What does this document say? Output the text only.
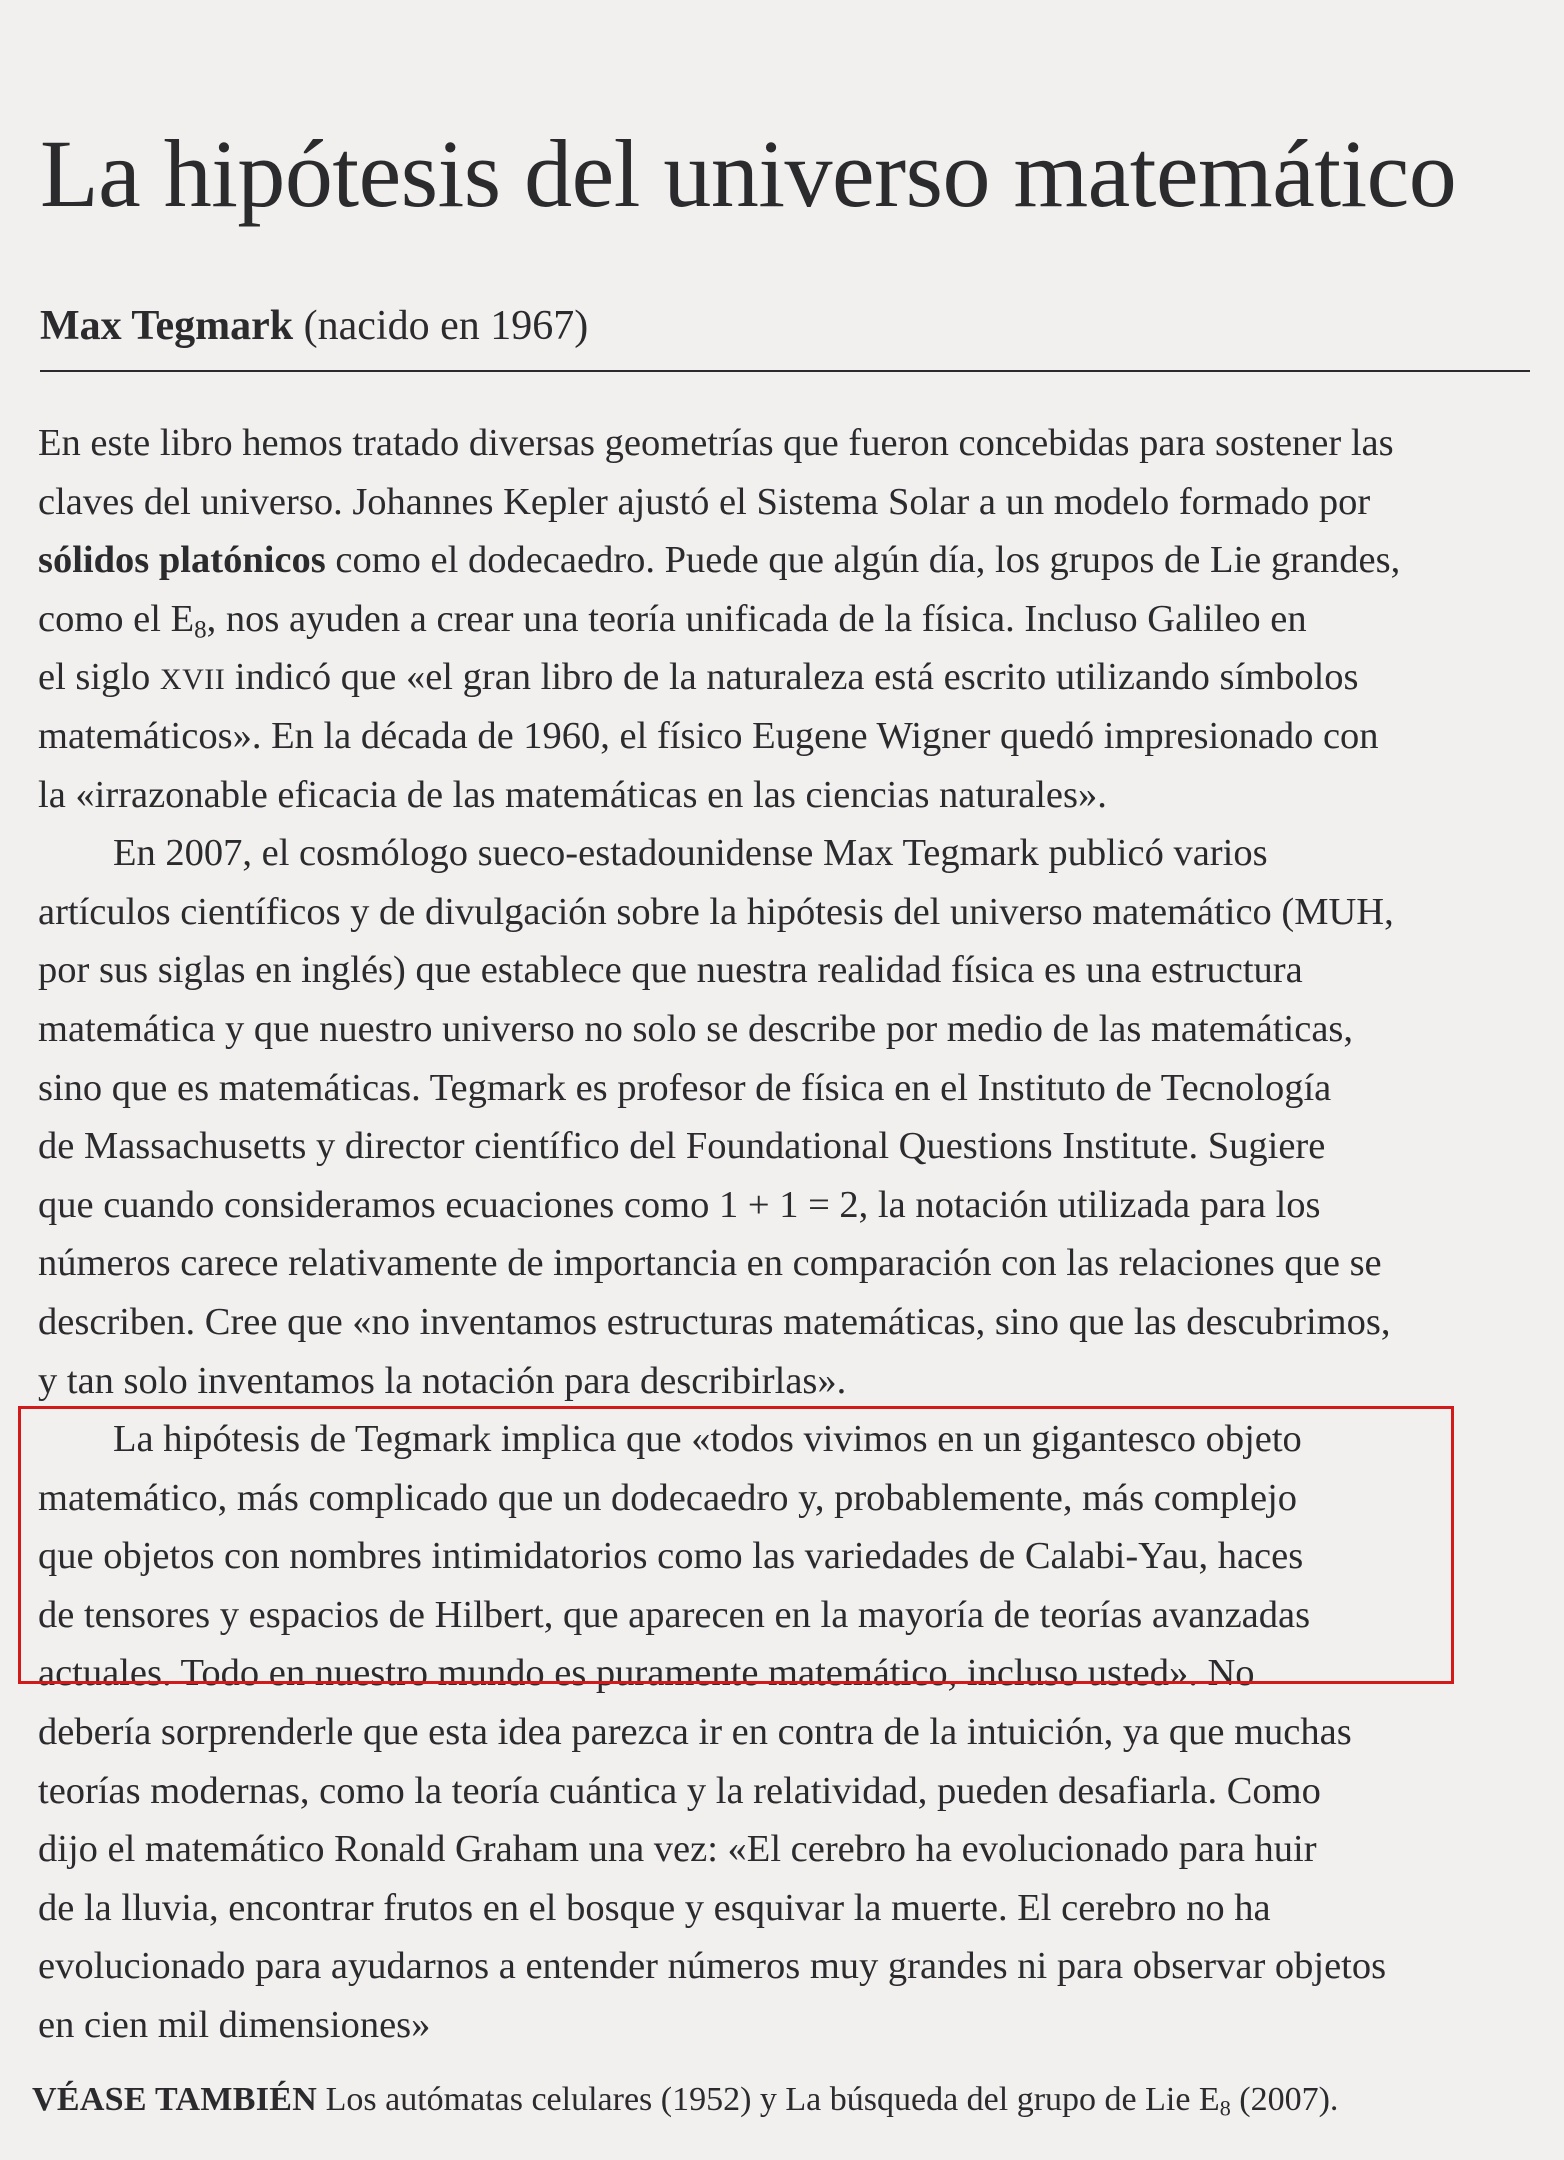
La hipótesis del universo matemático
Max Tegmark (nacido en 1967)
En este libro hemos tratado diversas geometrías que fueron concebidas para sostener las
claves del universo. Johannes Kepler ajustó el Sistema Solar a un modelo formado por
sólidos platónicos como el dodecaedro. Puede que algún día, los grupos de Lie grandes,
como el $E_8$, nos ayuden a crear una teoría unificada de la física. Incluso Galileo en
el siglo XVII indicó que «el gran libro de la naturaleza está escrito utilizando símbolos
matemáticos». En la década de 1960, el físico Eugene Wigner quedó impresionado con
la «irrazonable eficacia de las matemáticas en las ciencias naturales».
En 2007, el cosmólogo sueco-estadounidense Max Tegmark publicó varios
artículos científicos y de divulgación sobre la hipótesis del universo matemático (MUH,
por sus siglas en inglés) que establece que nuestra realidad física es una estructura
matemática y que nuestro universo no solo se describe por medio de las matemáticas,
sino que es matemáticas. Tegmark es profesor de física en el Instituto de Tecnología
de Massachusetts y director científico del Foundational Questions Institute. Sugiere
que cuando consideramos ecuaciones como 1 + 1 = 2, la notación utilizada para los
números carece relativamente de importancia en comparación con las relaciones que se
describen. Cree que «no inventamos estructuras matemáticas, sino que las descubrimos,
y tan solo inventamos la notación para describirlas».
La hipótesis de Tegmark implica que «todos vivimos en un gigantesco objeto
matemático, más complicado que un dodecaedro y, probablemente, más complejo
que objetos con nombres intimidatorios como las variedades de Calabi-Yau, haces
de tensores y espacios de Hilbert, que aparecen en la mayoría de teorías avanzadas
actuales. Todo en nuestro mundo es puramente matemático, incluso usted». No
debería sorprenderle que esta idea parezca ir en contra de la intuición, ya que muchas
teorías modernas, como la teoría cuántica y la relatividad, pueden desafiarla. Como
dijo el matemático Ronald Graham una vez: «El cerebro ha evolucionado para huir
de la lluvia, encontrar frutos en el bosque y esquivar la muerte. El cerebro no ha
evolucionado para ayudarnos a entender números muy grandes ni para observar objetos
en cien mil dimensiones»
VÉASE TAMBIÉN Los autómatas celulares (1952) y La búsqueda del grupo de Lie $E_8$ (2007).
